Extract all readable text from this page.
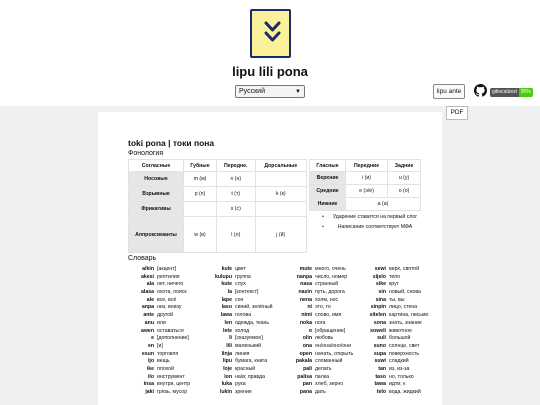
lipu lili pona
Русский	▼	lipu ante	gitlocalized 95%
toki pona | токи пона
Фонология
Согласные	Губные	Передне.	Дорсальные
Носовые	m (м)	n (н)	
Взрывные	p (п)	t (т)	k (к)
Фрикативы		s (с)	
Аппроксиманты	w (в)	l (л)	j (й)
Гласные	Передние	Задние
Верхние	i (и)	u (у)
Средние	e (э/е)	o (о)
Нижние	a (а)	
• Ударение ставится на первый слог
• Написание соответствует МФА
Словарь
a/kin [акцент]	kule цвет	mute много, очень	sewi верх, святой
akesi рептилия	kulupu группа	nanpa число, номер	sijelo тело
ala нет, ничего	kute слух	nasa странный	sike круг
alasa охота, поиск	la [контекст]	nasin путь, дорога	sin новый, снова
ale все, всё	lape сон	nena холм, нос	sina ты, вы
anpa низ, внизу	laso синий, зелёный	ni это, то	sinpin лицо, стена
ante другой	lawa голова	nimi слово, имя	sitelen картина, письмо
anu или	len одежда, ткань	noka нога	sona знать, знание
awen оставаться	lete холод	o [обращение]	soweli животное
e [дополнение]	li [сказуемое]	olin любовь	suli большой
en [и]	lili маленький	ona он/она/оно/они	suno солнце, свет
esun торговля	linja линия	open начать, открыть	supa поверхность
ijo вещь	lipu бумага, книга	pakala сломанный	suwi сладкий
ike плохой	loje красный	pali делать	tan из, из-за
ilo инструмент	lon на/в; правда	palisa палка	taso но, только
insa внутри, центр	luka рука	pan хлеб, зерно	tawa идти; к
jaki грязь, мусор	lukin зрение	pana дать	telo вода, жидкий
PDF
